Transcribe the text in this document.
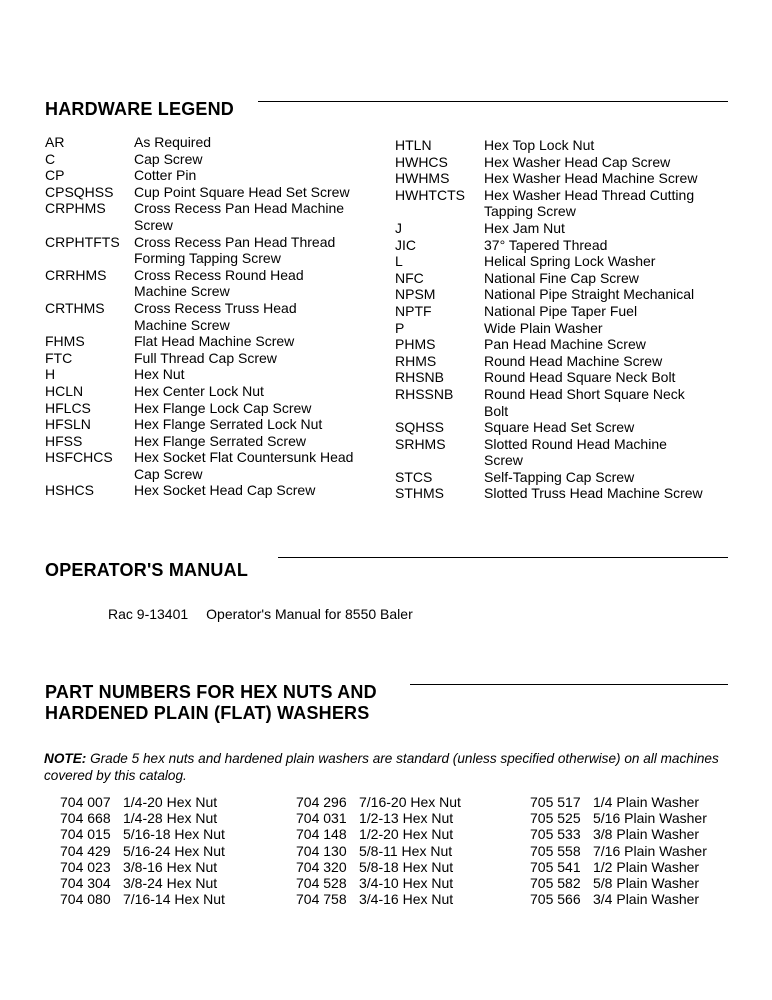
HARDWARE LEGEND
AR	As Required
C	Cap Screw
CP	Cotter Pin
CPSQHSS	Cup Point Square Head Set Screw
CRPHMS	Cross Recess Pan Head Machine
Screw
CRPHTFTS	Cross Recess Pan Head Thread
Forming Tapping Screw
CRRHMS	Cross Recess Round Head
Machine Screw
CRTHMS	Cross Recess Truss Head
Machine Screw
FHMS	Flat Head Machine Screw
FTC	Full Thread Cap Screw
H	Hex Nut
HCLN	Hex Center Lock Nut
HFLCS	Hex Flange Lock Cap Screw
HFSLN	Hex Flange Serrated Lock Nut
HFSS	Hex Flange Serrated Screw
HSFCHCS	Hex Socket Flat Countersunk Head
Cap Screw
HSHCS	Hex Socket Head Cap Screw
HTLN	Hex Top Lock Nut
HWHCS	Hex Washer Head Cap Screw
HWHMS	Hex Washer Head Machine Screw
HWHTCTS	Hex Washer Head Thread Cutting
Tapping Screw
J	Hex Jam Nut
JIC	37° Tapered Thread
L	Helical Spring Lock Washer
NFC	National Fine Cap Screw
NPSM	National Pipe Straight Mechanical
NPTF	National Pipe Taper Fuel
P	Wide Plain Washer
PHMS	Pan Head Machine Screw
RHMS	Round Head Machine Screw
RHSNB	Round Head Square Neck Bolt
RHSSNB	Round Head Short Square Neck
Bolt
SQHSS	Square Head Set Screw
SRHMS	Slotted Round Head Machine
Screw
STCS	Self-Tapping Cap Screw
STHMS	Slotted Truss Head Machine Screw
OPERATOR'S MANUAL
Rac 9-13401 Operator's Manual for 8550 Baler
PART NUMBERS FOR HEX NUTS AND
HARDENED PLAIN (FLAT) WASHERS
NOTE: Grade 5 hex nuts and hardened plain washers are standard (unless specified otherwise) on all machines covered by this catalog.
704 007 1/4-20 Hex Nut
704 668 1/4-28 Hex Nut
704 015 5/16-18 Hex Nut
704 429 5/16-24 Hex Nut
704 023 3/8-16 Hex Nut
704 304 3/8-24 Hex Nut
704 080 7/16-14 Hex Nut
704 296 7/16-20 Hex Nut
704 031 1/2-13 Hex Nut
704 148 1/2-20 Hex Nut
704 130 5/8-11 Hex Nut
704 320 5/8-18 Hex Nut
704 528 3/4-10 Hex Nut
704 758 3/4-16 Hex Nut
705 517 1/4 Plain Washer
705 525 5/16 Plain Washer
705 533 3/8 Plain Washer
705 558 7/16 Plain Washer
705 541 1/2 Plain Washer
705 582 5/8 Plain Washer
705 566 3/4 Plain Washer
